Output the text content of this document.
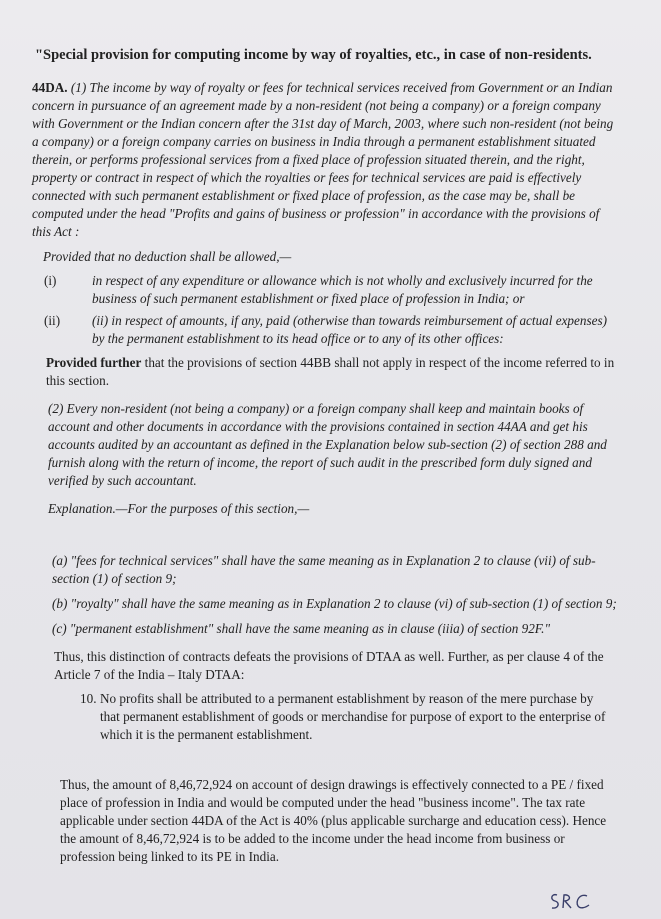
"Special provision for computing income by way of royalties, etc., in case of non-residents.

44DA. (1) The income by way of royalty or fees for technical services received from Government or an Indian concern in pursuance of an agreement made by a non-resident (not being a company) or a foreign company with Government or the Indian concern after the 31st day of March, 2003, where such non-resident (not being a company) or a foreign company carries on business in India through a permanent establishment situated therein, or performs professional services from a fixed place of profession situated therein, and the right, property or contract in respect of which the royalties or fees for technical services are paid is effectively connected with such permanent establishment or fixed place of profession, as the case may be, shall be computed under the head "Profits and gains of business or profession" in accordance with the provisions of this Act :

Provided that no deduction shall be allowed,—

(i)	in respect of any expenditure or allowance which is not wholly and exclusively incurred for the business of such permanent establishment or fixed place of profession in India; or
(ii)	(ii) in respect of amounts, if any, paid (otherwise than towards reimbursement of actual expenses) by the permanent establishment to its head office or to any of its other offices:

Provided further that the provisions of section 44BB shall not apply in respect of the income referred to in this section.

(2) Every non-resident (not being a company) or a foreign company shall keep and maintain books of account and other documents in accordance with the provisions contained in section 44AA and get his accounts audited by an accountant as defined in the Explanation below sub-section (2) of section 288 and furnish along with the return of income, the report of such audit in the prescribed form duly signed and verified by such accountant.

Explanation.—For the purposes of this section,—

(a) "fees for technical services" shall have the same meaning as in Explanation 2 to clause (vii) of sub-section (1) of section 9;

(b) "royalty" shall have the same meaning as in Explanation 2 to clause (vi) of sub-section (1) of section 9;

(c) "permanent establishment" shall have the same meaning as in clause (iiia) of section 92F."

Thus, this distinction of contracts defeats the provisions of DTAA as well. Further, as per clause 4 of the Article 7 of the India – Italy DTAA:

10. No profits shall be attributed to a permanent establishment by reason of the mere purchase by that permanent establishment of goods or merchandise for purpose of export to the enterprise of which it is the permanent establishment.

Thus, the amount of 8,46,72,924 on account of design drawings is effectively connected to a PE / fixed place of profession in India and would be computed under the head "business income". The tax rate applicable under section 44DA of the Act is 40% (plus applicable surcharge and education cess). Hence the amount of 8,46,72,924 is to be added to the income under the head income from business or profession being linked to its PE in India.
